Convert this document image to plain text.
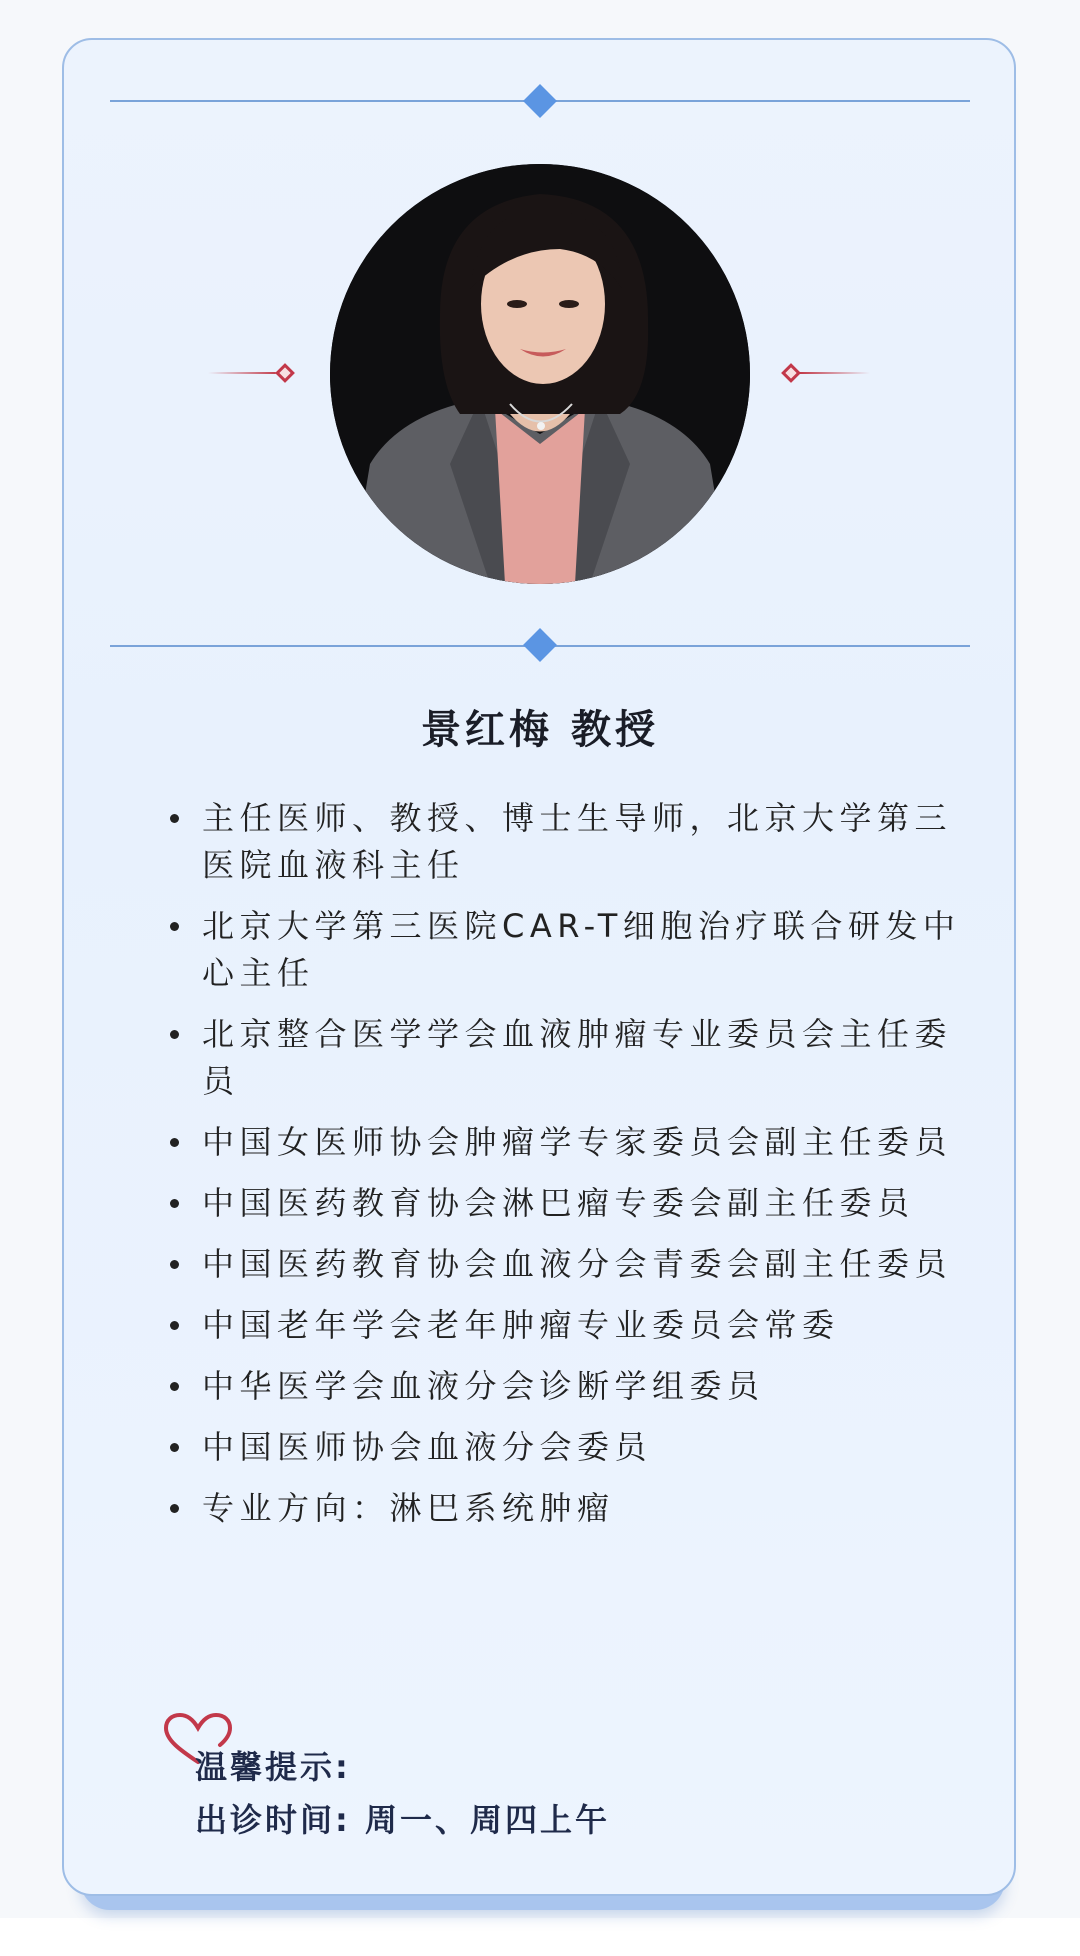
景红梅 教授
主任医师、教授、博士生导师，北京大学第三医院血液科主任
北京大学第三医院CAR-T细胞治疗联合研发中心主任
北京整合医学学会血液肿瘤专业委员会主任委员
中国女医师协会肿瘤学专家委员会副主任委员
中国医药教育协会淋巴瘤专委会副主任委员
中国医药教育协会血液分会青委会副主任委员
中国老年学会老年肿瘤专业委员会常委
中华医学会血液分会诊断学组委员
中国医师协会血液分会委员
专业方向：淋巴系统肿瘤
温馨提示:
出诊时间: 周一、周四上午
